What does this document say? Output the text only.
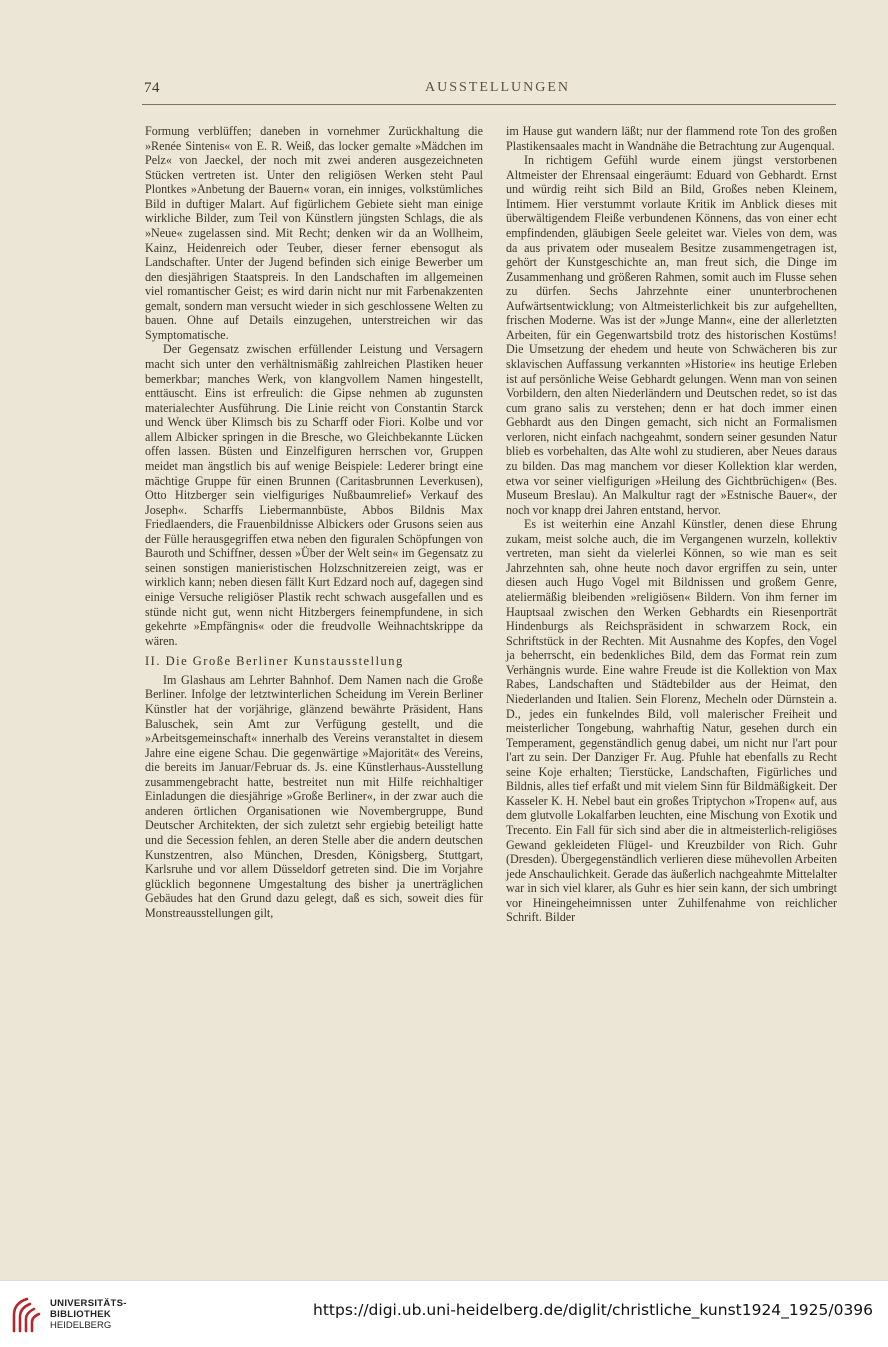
74	AUSSTELLUNGEN

Formung verblüffen; daneben in vornehmer Zurückhaltung die »Renée Sintenis« von E. R. Weiß, das locker gemalte »Mädchen im Pelz« von Jaeckel, der noch mit zwei anderen ausgezeichneten Stücken vertreten ist. Unter den religiösen Werken steht Paul Plontkes »Anbetung der Bauern« voran, ein inniges, volkstümliches Bild in duftiger Malart. Auf figürlichem Gebiete sieht man einige wirkliche Bilder, zum Teil von Künstlern jüngsten Schlags, die als »Neue« zugelassen sind. Mit Recht; denken wir da an Wollheim, Kainz, Heidenreich oder Teuber, dieser ferner ebensogut als Landschafter. Unter der Jugend befinden sich einige Bewerber um den diesjährigen Staatspreis. In den Landschaften im allgemeinen viel romantischer Geist; es wird darin nicht nur mit Farbenakzenten gemalt, sondern man versucht wieder in sich geschlossene Welten zu bauen. Ohne auf Details einzugehen, unterstreichen wir das Symptomatische.

Der Gegensatz zwischen erfüllender Leistung und Versagern macht sich unter den verhältnismäßig zahlreichen Plastiken heuer bemerkbar; manches Werk, von klangvollem Namen hingestellt, enttäuscht. Eins ist erfreulich: die Gipse nehmen ab zugunsten materialechter Ausführung. Die Linie reicht von Constantin Starck und Wenck über Klimsch bis zu Scharff oder Fiori. Kolbe und vor allem Albicker springen in die Bresche, wo Gleichbekannte Lücken offen lassen. Büsten und Einzelfiguren herrschen vor, Gruppen meidet man ängstlich bis auf wenige Beispiele: Lederer bringt eine mächtige Gruppe für einen Brunnen (Caritasbrunnen Leverkusen), Otto Hitzberger sein vielfiguriges Nußbaumrelief» Verkauf des Joseph«. Scharffs Liebermannbüste, Abbos Bildnis Max Friedlaenders, die Frauenbildnisse Albickers oder Grusons seien aus der Fülle herausgegriffen etwa neben den figuralen Schöpfungen von Bauroth und Schiffner, dessen »Über der Welt sein« im Gegensatz zu seinen sonstigen manieristischen Holzschnitzereien zeigt, was er wirklich kann; neben diesen fällt Kurt Edzard noch auf, dagegen sind einige Versuche religiöser Plastik recht schwach ausgefallen und es stünde nicht gut, wenn nicht Hitzbergers feinempfundene, in sich gekehrte »Empfängnis« oder die freudvolle Weihnachtskrippe da wären.

II. Die Große Berliner Kunstausstellung

Im Glashaus am Lehrter Bahnhof. Dem Namen nach die Große Berliner. Infolge der letztwinterlichen Scheidung im Verein Berliner Künstler hat der vorjährige, glänzend bewährte Präsident, Hans Baluschek, sein Amt zur Verfügung gestellt, und die »Arbeitsgemeinschaft« innerhalb des Vereins veranstaltet in diesem Jahre eine eigene Schau. Die gegenwärtige »Majorität« des Vereins, die bereits im Januar/Februar ds. Js. eine Künstlerhaus-Ausstellung zusammengebracht hatte, bestreitet nun mit Hilfe reichhaltiger Einladungen die diesjährige »Große Berliner«, in der zwar auch die anderen örtlichen Organisationen wie Novembergruppe, Bund Deutscher Architekten, der sich zuletzt sehr ergiebig beteiligt hatte und die Secession fehlen, an deren Stelle aber die andern deutschen Kunstzentren, also München, Dresden, Königsberg, Stuttgart, Karlsruhe und vor allem Düsseldorf getreten sind. Die im Vorjahre glücklich begonnene Umgestaltung des bisher ja unerträglichen Gebäudes hat den Grund dazu gelegt, daß es sich, soweit dies für Monstreausstellungen gilt,

im Hause gut wandern läßt; nur der flammend rote Ton des großen Plastikensaales macht in Wandnähe die Betrachtung zur Augenqual.

In richtigem Gefühl wurde einem jüngst verstorbenen Altmeister der Ehrensaal eingeräumt: Eduard von Gebhardt. Ernst und würdig reiht sich Bild an Bild, Großes neben Kleinem, Intimem. Hier verstummt vorlaute Kritik im Anblick dieses mit überwältigendem Fleiße verbundenen Könnens, das von einer echt empfindenden, gläubigen Seele geleitet war. Vieles von dem, was da aus privatem oder musealem Besitze zusammengetragen ist, gehört der Kunstgeschichte an, man freut sich, die Dinge im Zusammenhang und größeren Rahmen, somit auch im Flusse sehen zu dürfen. Sechs Jahrzehnte einer ununterbrochenen Aufwärtsentwicklung; von Altmeisterlichkeit bis zur aufgehellten, frischen Moderne. Was ist der »Junge Mann«, eine der allerletzten Arbeiten, für ein Gegenwartsbild trotz des historischen Kostüms! Die Umsetzung der ehedem und heute von Schwächeren bis zur sklavischen Auffassung verkannten »Historie« ins heutige Erleben ist auf persönliche Weise Gebhardt gelungen. Wenn man von seinen Vorbildern, den alten Niederländern und Deutschen redet, so ist das cum grano salis zu verstehen; denn er hat doch immer einen Gebhardt aus den Dingen gemacht, sich nicht an Formalismen verloren, nicht einfach nachgeahmt, sondern seiner gesunden Natur blieb es vorbehalten, das Alte wohl zu studieren, aber Neues daraus zu bilden. Das mag manchem vor dieser Kollektion klar werden, etwa vor seiner vielfigurigen »Heilung des Gichtbrüchigen« (Bes. Museum Breslau). An Malkultur ragt der »Estnische Bauer«, der noch vor knapp drei Jahren entstand, hervor.

Es ist weiterhin eine Anzahl Künstler, denen diese Ehrung zukam, meist solche auch, die im Vergangenen wurzeln, kollektiv vertreten, man sieht da vielerlei Können, so wie man es seit Jahrzehnten sah, ohne heute noch davor ergriffen zu sein, unter diesen auch Hugo Vogel mit Bildnissen und großem Genre, ateliermäßig bleibenden »religiösen« Bildern. Von ihm ferner im Hauptsaal zwischen den Werken Gebhardts ein Riesenporträt Hindenburgs als Reichspräsident in schwarzem Rock, ein Schriftstück in der Rechten. Mit Ausnahme des Kopfes, den Vogel ja beherrscht, ein bedenkliches Bild, dem das Format rein zum Verhängnis wurde. Eine wahre Freude ist die Kollektion von Max Rabes, Landschaften und Städtebilder aus der Heimat, den Niederlanden und Italien. Sein Florenz, Mecheln oder Dürnstein a. D., jedes ein funkelndes Bild, voll malerischer Freiheit und meisterlicher Tongebung, wahrhaftig Natur, gesehen durch ein Temperament, gegenständlich genug dabei, um nicht nur l'art pour l'art zu sein. Der Danziger Fr. Aug. Pfuhle hat ebenfalls zu Recht seine Koje erhalten; Tierstücke, Landschaften, Figürliches und Bildnis, alles tief erfaßt und mit vielem Sinn für Bildmäßigkeit. Der Kasseler K. H. Nebel baut ein großes Triptychon »Tropen« auf, aus dem glutvolle Lokalfarben leuchten, eine Mischung von Exotik und Trecento. Ein Fall für sich sind aber die in altmeisterlich-religiöses Gewand gekleideten Flügel- und Kreuzbilder von Rich. Guhr (Dresden). Übergegenständlich verlieren diese mühevollen Arbeiten jede Anschaulichkeit. Gerade das äußerlich nachgeahmte Mittelalter war in sich viel klarer, als Guhr es hier sein kann, der sich umbringt vor Hineingeheimnissen unter Zuhilfenahme von reichlicher Schrift. Bilder

UNIVERSITÄTS-
BIBLIOTHEK
HEIDELBERG
https://digi.ub.uni-heidelberg.de/diglit/christliche_kunst1924_1925/0396
